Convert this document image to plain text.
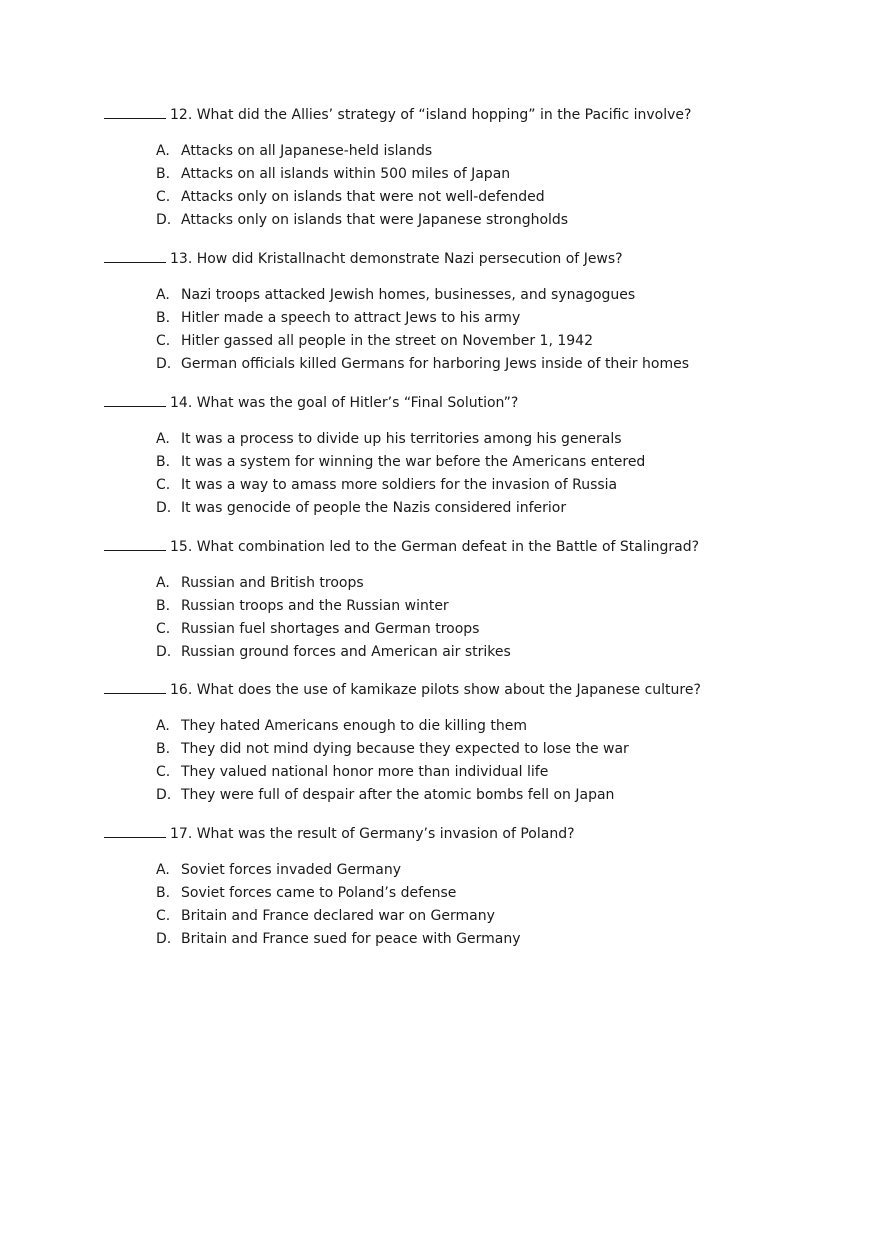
12. What did the Allies’ strategy of “island hopping” in the Pacific involve?
A. Attacks on all Japanese-held islands
B. Attacks on all islands within 500 miles of Japan
C. Attacks only on islands that were not well-defended
D. Attacks only on islands that were Japanese strongholds
13. How did Kristallnacht demonstrate Nazi persecution of Jews?
A. Nazi troops attacked Jewish homes, businesses, and synagogues
B. Hitler made a speech to attract Jews to his army
C. Hitler gassed all people in the street on November 1, 1942
D. German officials killed Germans for harboring Jews inside of their homes
14. What was the goal of Hitler’s “Final Solution”?
A. It was a process to divide up his territories among his generals
B. It was a system for winning the war before the Americans entered
C. It was a way to amass more soldiers for the invasion of Russia
D. It was genocide of people the Nazis considered inferior
15. What combination led to the German defeat in the Battle of Stalingrad?
A. Russian and British troops
B. Russian troops and the Russian winter
C. Russian fuel shortages and German troops
D. Russian ground forces and American air strikes
16. What does the use of kamikaze pilots show about the Japanese culture?
A. They hated Americans enough to die killing them
B. They did not mind dying because they expected to lose the war
C. They valued national honor more than individual life
D. They were full of despair after the atomic bombs fell on Japan
17. What was the result of Germany’s invasion of Poland?
A. Soviet forces invaded Germany
B. Soviet forces came to Poland’s defense
C. Britain and France declared war on Germany
D. Britain and France sued for peace with Germany
